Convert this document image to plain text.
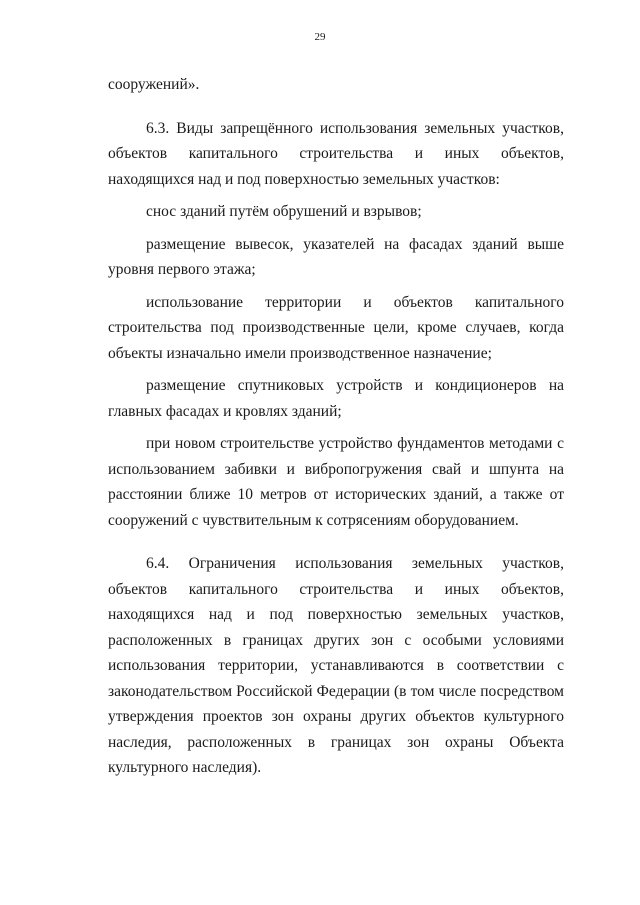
29

сооружений».

6.3. Виды запрещённого использования земельных участков, объектов капитального строительства и иных объектов, находящихся над и под поверхностью земельных участков:

снос зданий путём обрушений и взрывов;

размещение вывесок, указателей на фасадах зданий выше уровня первого этажа;

использование территории и объектов капитального строительства под производственные цели, кроме случаев, когда объекты изначально имели производственное назначение;

размещение спутниковых устройств и кондиционеров на главных фасадах и кровлях зданий;

при новом строительстве устройство фундаментов методами с использованием забивки и вибропогружения свай и шпунта на расстоянии ближе 10 метров от исторических зданий, а также от сооружений с чувствительным к сотрясениям оборудованием.

6.4. Ограничения использования земельных участков, объектов капитального строительства и иных объектов, находящихся над и под поверхностью земельных участков, расположенных в границах других зон с особыми условиями использования территории, устанавливаются в соответствии с законодательством Российской Федерации (в том числе посредством утверждения проектов зон охраны других объектов культурного наследия, расположенных в границах зон охраны Объекта культурного наследия).
